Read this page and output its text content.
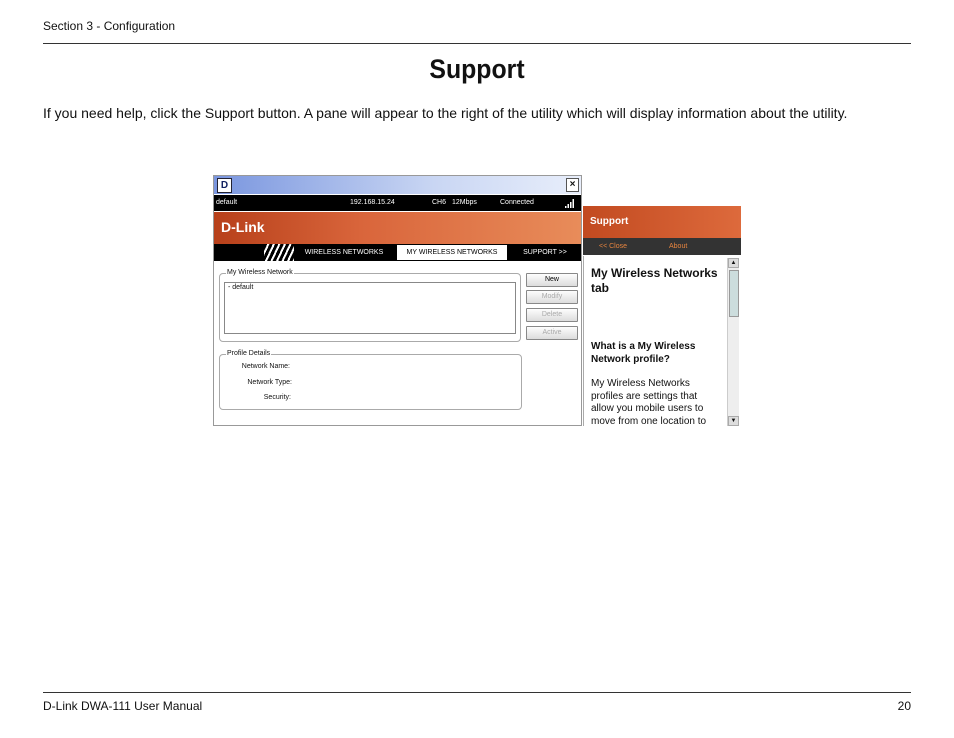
Section 3 - Configuration
Support
If you need help, click the Support button. A pane will appear to the right of the utility which will display information about the utility.
D	×
default	192.168.15.24	CH6 12Mbps	Connected
D-Link
WIRELESS NETWORKS	MY WIRELESS NETWORKS	SUPPORT >>
My Wireless Network
- default
New
Modify
Delete
Active
Profile Details
Network Name:
Network Type:
Security:
Support
<< Close	About
My Wireless Networks tab
What is a My Wireless Network profile?
My Wireless Networks profiles are settings that allow you mobile users to move from one location to
▲
▼
D-Link DWA-111 User Manual	20
